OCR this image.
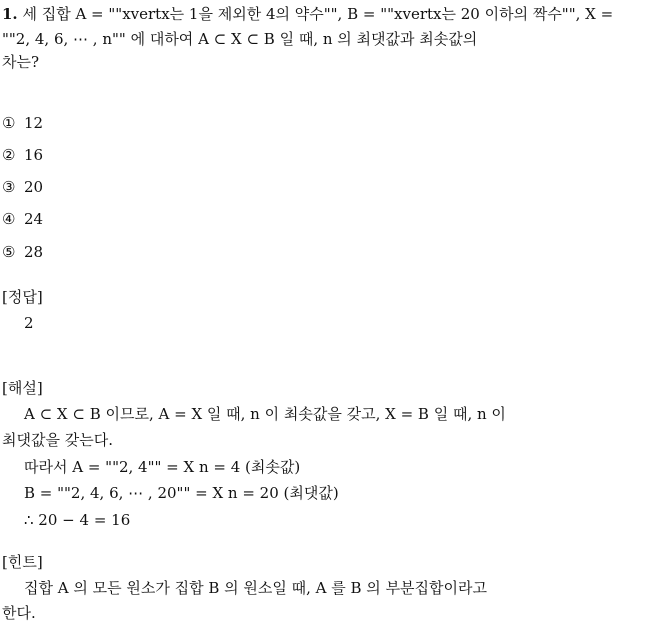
1. 세 집합 A = ""xvertx는 1을 제외한 4의 약수"", B = ""xvertx는 20 이하의 짝수"", X =
""2, 4, 6, ⋯ , n"" 에 대하여 A ⊂ X ⊂ B 일 때, n 의 최댓값과 최솟값의
차는?
① 12
② 16
③ 20
④ 24
⑤ 28
[정답]
2
[해설]
A ⊂ X ⊂ B 이므로, A = X 일 때, n 이 최솟값을 갖고, X = B 일 때, n 이
최댓값을 갖는다.
따라서 A = ""2, 4"" = X n = 4 (최솟값)
B = ""2, 4, 6, ⋯ , 20"" = X n = 20 (최댓값)
∴ 20 − 4 = 16
[힌트]
집합 A 의 모든 원소가 집합 B 의 원소일 때, A 를 B 의 부분집합이라고
한다.
